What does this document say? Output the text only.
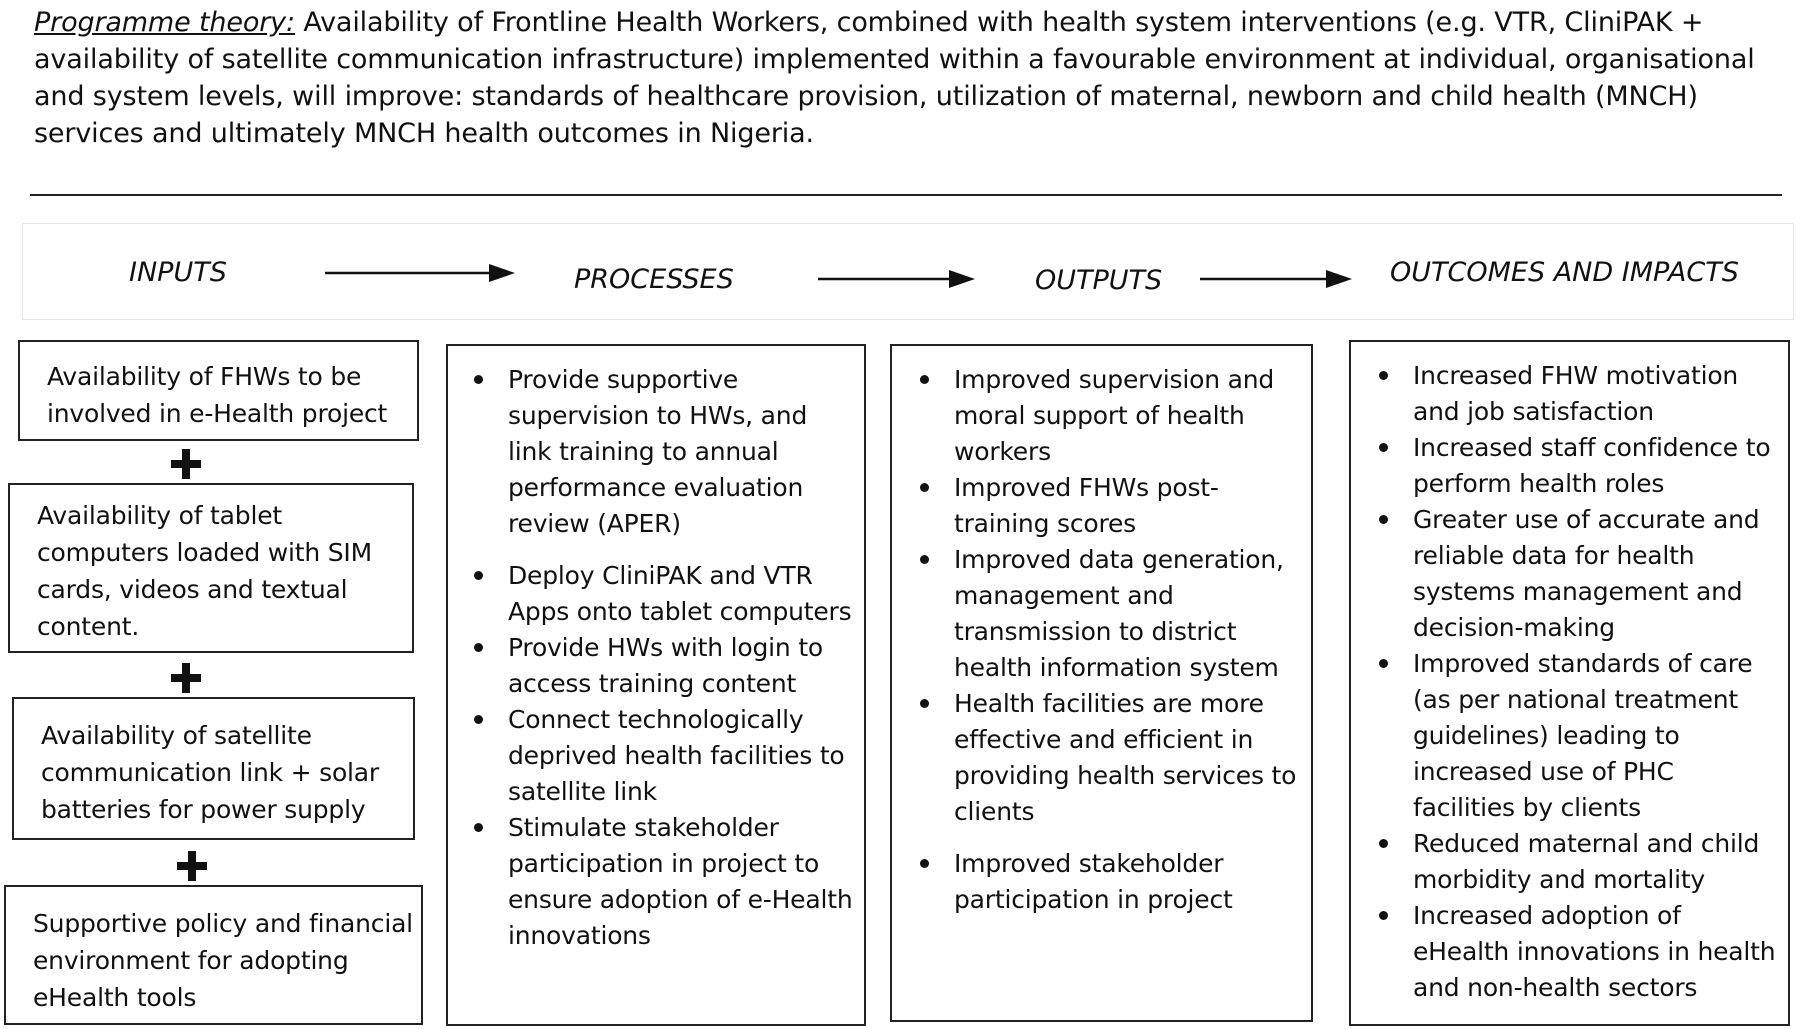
Programme theory: Availability of Frontline Health Workers, combined with health system interventions (e.g. VTR, CliniPAK + availability of satellite communication infrastructure) implemented within a favourable environment at individual, organisational and system levels, will improve: standards of healthcare provision, utilization of maternal, newborn and child health (MNCH) services and ultimately MNCH health outcomes in Nigeria.
INPUTS	PROCESSES	OUTPUTS	OUTCOMES AND IMPACTS
Availability of FHWs to be involved in e-Health project
Availability of tablet computers loaded with SIM cards, videos and textual content.
Availability of satellite communication link + solar batteries for power supply
Supportive policy and financial environment for adopting eHealth tools
Provide supportive supervision to HWs, and link training to annual performance evaluation review (APER)
Deploy CliniPAK and VTR Apps onto tablet computers
Provide HWs with login to access training content
Connect technologically deprived health facilities to satellite link
Stimulate stakeholder participation in project to ensure adoption of e-Health innovations
Improved supervision and moral support of health workers
Improved FHWs post-training scores
Improved data generation, management and transmission to district health information system
Health facilities are more effective and efficient in providing health services to clients
Improved stakeholder participation in project
Increased FHW motivation and job satisfaction
Increased staff confidence to perform health roles
Greater use of accurate and reliable data for health systems management and decision-making
Improved standards of care (as per national treatment guidelines) leading to increased use of PHC facilities by clients
Reduced maternal and child morbidity and mortality
Increased adoption of eHealth innovations in health and non-health sectors
